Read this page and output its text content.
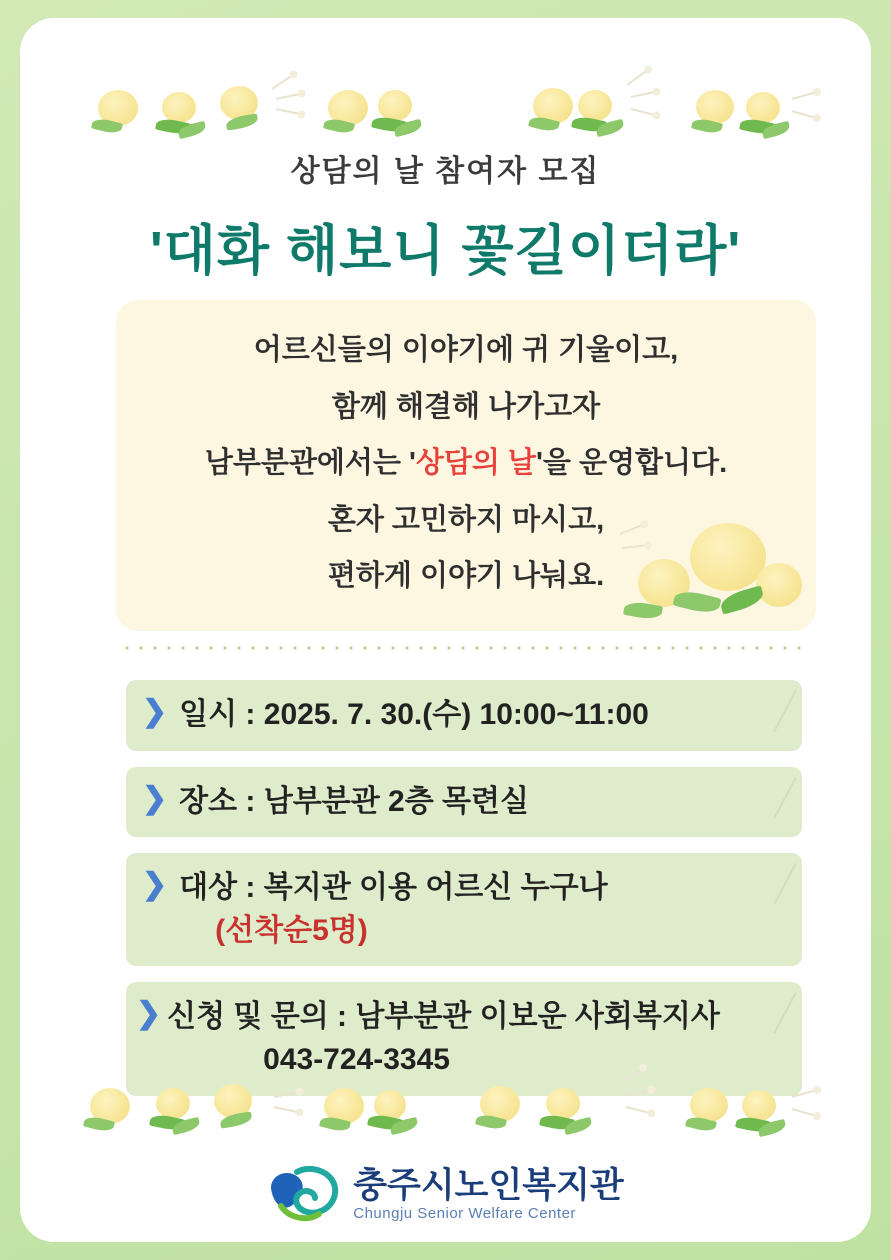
상담의 날 참여자 모집
'대화 해보니 꽃길이더라'
어르신들의 이야기에 귀 기울이고,
함께 해결해 나가고자
남부분관에서는 '상담의 날'을 운영합니다.
혼자 고민하지 마시고,
편하게 이야기 나눠요.
❯ 일시 : 2025. 7. 30.(수) 10:00~11:00
❯ 장소 : 남부분관 2층 목련실
❯ 대상 : 복지관 이용 어르신 누구나
(선착순5명)
❯ 신청 및 문의 : 남부분관 이보운 사회복지사
043-724-3345
충주시노인복지관
Chungju Senior Welfare Center
